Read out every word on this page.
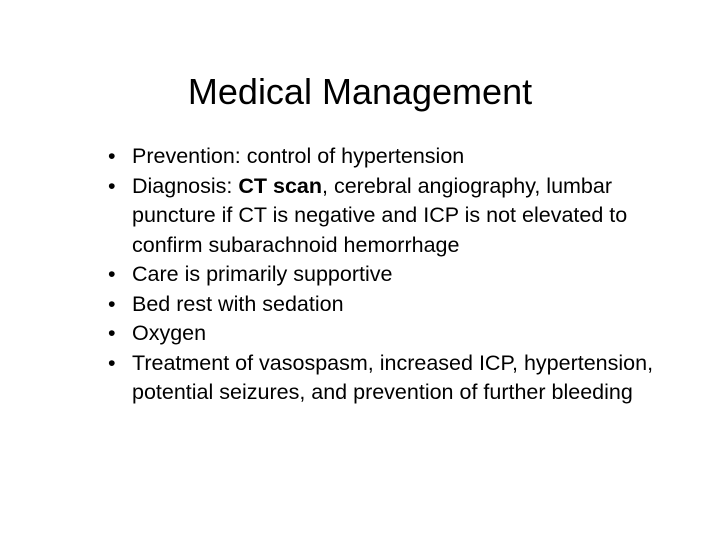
Medical Management
• Prevention: control of hypertension
• Diagnosis: CT scan, cerebral angiography, lumbar puncture if CT is negative and ICP is not elevated to confirm subarachnoid hemorrhage
• Care is primarily supportive
• Bed rest with sedation
• Oxygen
• Treatment of vasospasm, increased ICP, hypertension, potential seizures, and prevention of further bleeding
